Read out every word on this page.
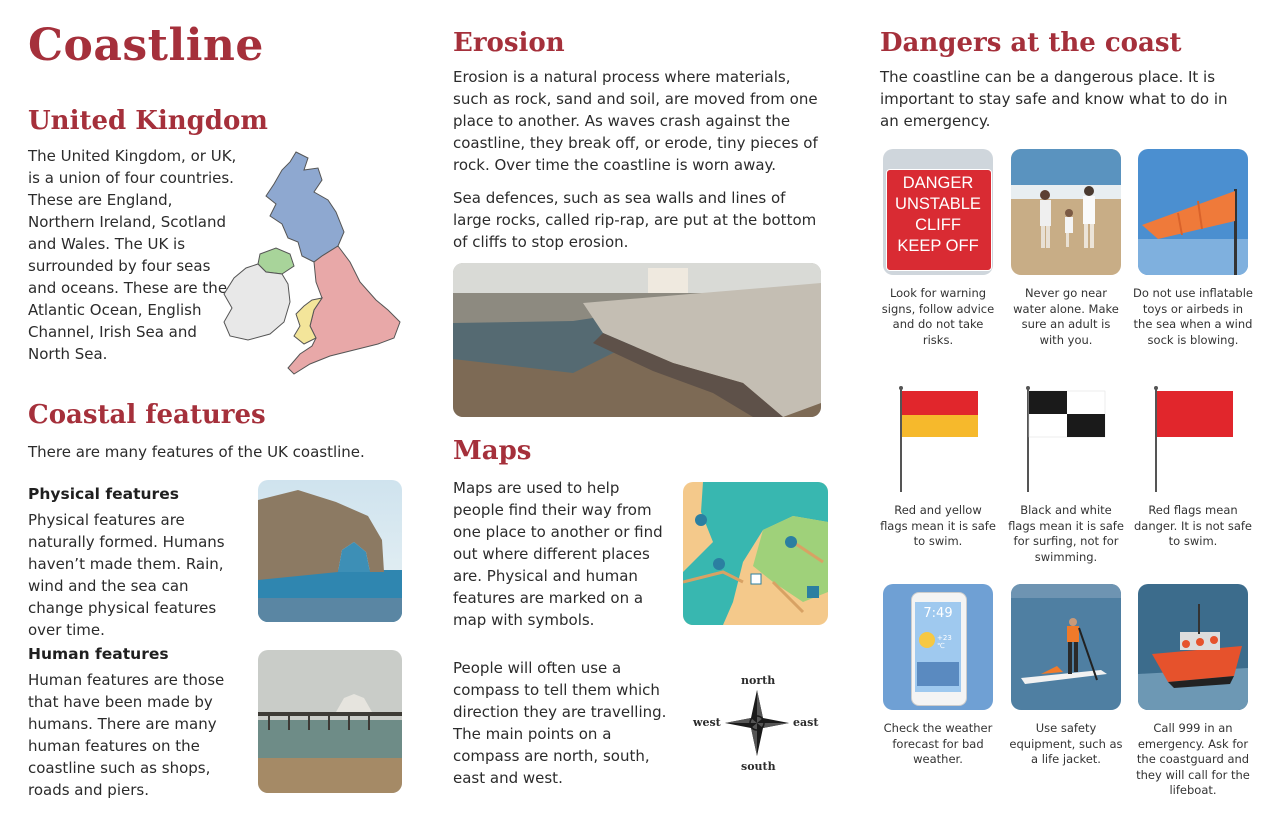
Coastline
United Kingdom

The United Kingdom, or UK, is a union of four countries. These are England, Northern Ireland, Scotland and Wales. The UK is surrounded by four seas and oceans. These are the Atlantic Ocean, English Channel, Irish Sea and North Sea.

Coastal features

There are many features of the UK coastline.

Physical features

Physical features are naturally formed. Humans haven’t made them. Rain, wind and the sea can change physical features over time.

Human features

Human features are those that have been made by humans. There are many human features on the coastline such as shops, roads and piers.

Erosion

Erosion is a natural process where materials, such as rock, sand and soil, are moved from one place to another. As waves crash against the coastline, they break off, or erode, tiny pieces of rock. Over time the coastline is worn away.

Sea defences, such as sea walls and lines of large rocks, called rip-rap, are put at the bottom of cliffs to stop erosion.

Maps

Maps are used to help people find their way from one place to another or find out where different places are. Physical and human features are marked on a map with symbols.

People will often use a compass to tell them which direction they are travelling. The main points on a compass are north, south, east and west.

north
south
west	east
Dangers at the coast

The coastline can be a dangerous place. It is important to stay safe and know what to do in an emergency.

DANGER
UNSTABLE
CLIFF
KEEP OFF

Look for warning signs, follow advice and do not take risks.

Never go near water alone. Make sure an adult is with you.

Do not use inflatable toys or airbeds in the sea when a wind sock is blowing.

Red and yellow flags mean it is safe to swim.

Black and white flags mean it is safe for surfing, not for swimming.

Red flags mean danger. It is not safe to swim.

7:49
+23 ℃

Check the weather forecast for bad weather.

Use safety equipment, such as a life jacket.

Call 999 in an emergency. Ask for the coastguard and they will call for the lifeboat.
